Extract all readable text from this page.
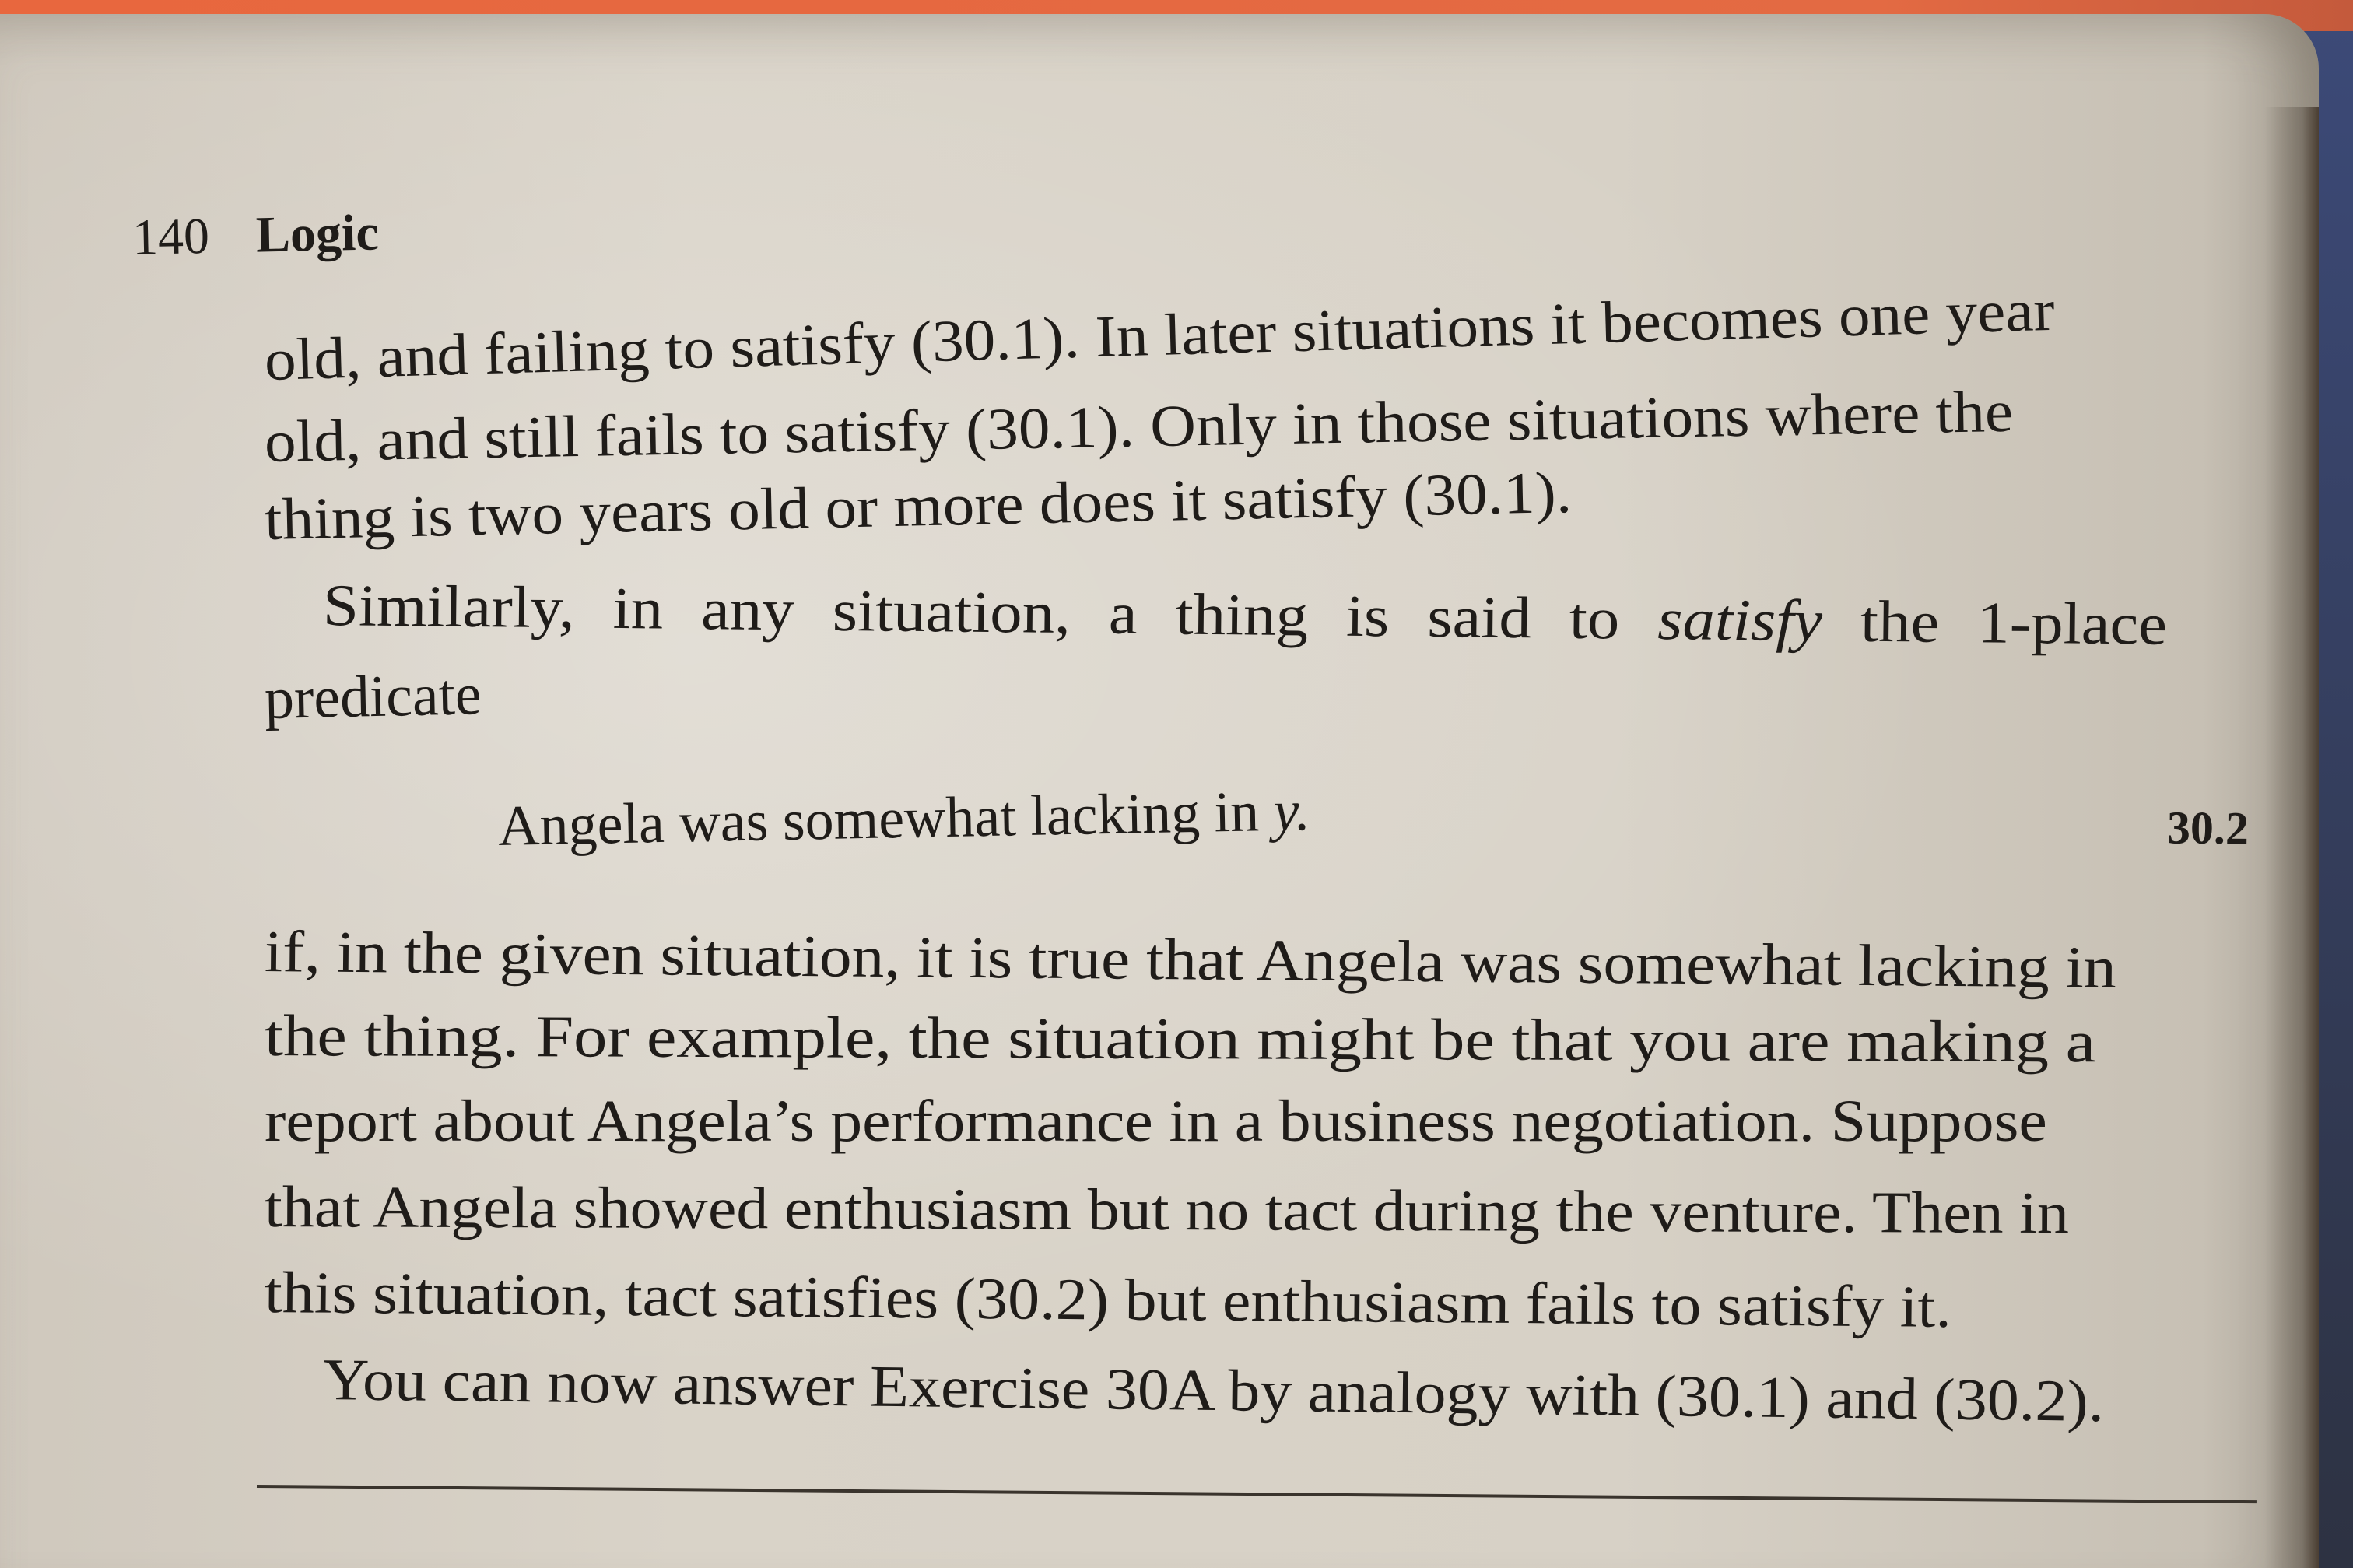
140 Logic
old, and failing to satisfy (30.1). In later situations it becomes one year
old, and still fails to satisfy (30.1). Only in those situations where the
thing is two years old or more does it satisfy (30.1).
Similarly, in any situation, a thing is said to satisfy the 1-place
predicate
Angela was somewhat lacking in y.	30.2
if, in the given situation, it is true that Angela was somewhat lacking in
the thing. For example, the situation might be that you are making a
report about Angela’s performance in a business negotiation. Suppose
that Angela showed enthusiasm but no tact during the venture. Then in
this situation, tact satisfies (30.2) but enthusiasm fails to satisfy it.
You can now answer Exercise 30A by analogy with (30.1) and (30.2).
